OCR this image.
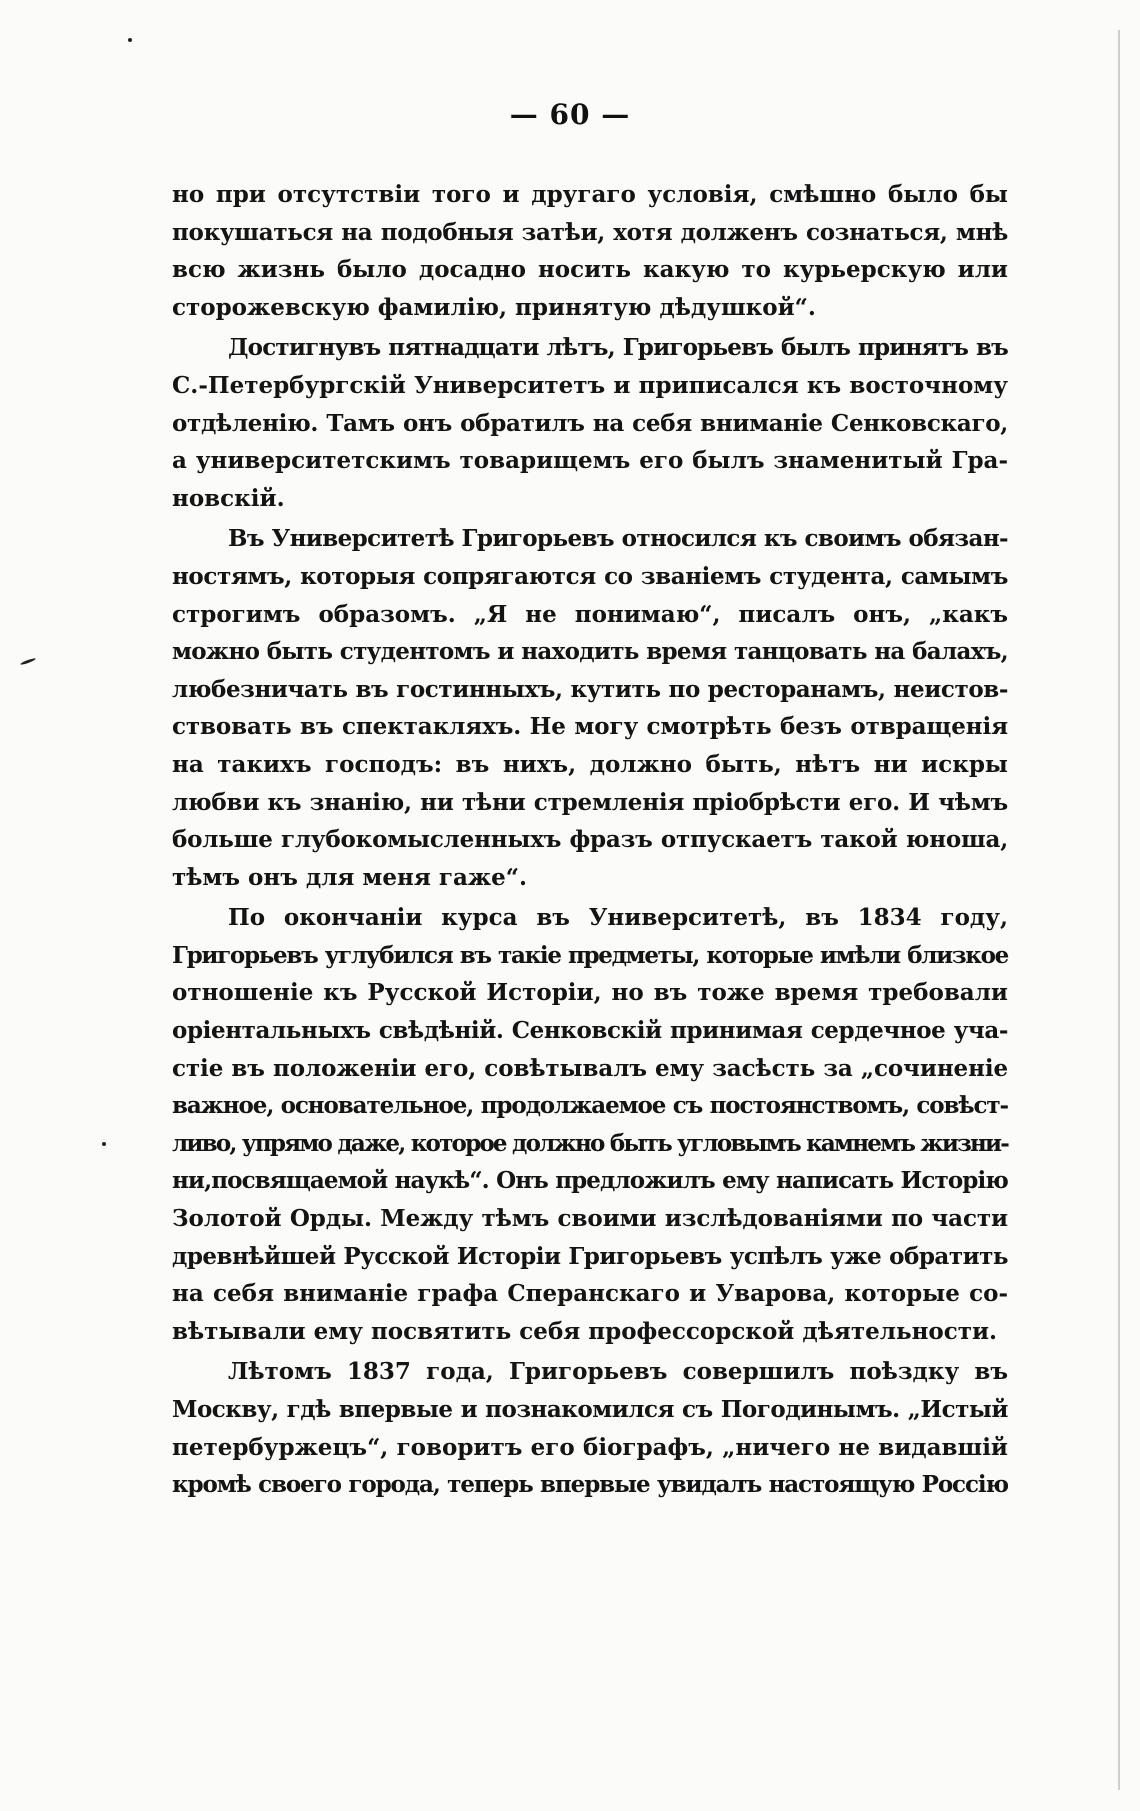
— 60 —
но при отсутствіи того и другаго условія, смѣшно было бы
покушаться на подобныя затѣи, хотя долженъ сознаться, мнѣ
всю жизнь было досадно носить какую то курьерскую или
сторожевскую фамилію, принятую дѣдушкой“.
Достигнувъ пятнадцати лѣтъ, Григорьевъ былъ принятъ въ
С.-Петербургскій Университетъ и приписался къ восточному
отдѣленію. Тамъ онъ обратилъ на себя вниманіе Сенковскаго,
а университетскимъ товарищемъ его былъ знаменитый Гра-
новскій.
Въ Университетѣ Григорьевъ относился къ своимъ обязан-
ностямъ, которыя сопрягаются со званіемъ студента, самымъ
строгимъ образомъ. „Я не понимаю“, писалъ онъ, „какъ
можно быть студентомъ и находить время танцовать на балахъ,
любезничать въ гостинныхъ, кутить по ресторанамъ, неистов-
ствовать въ спектакляхъ. Не могу смотрѣть безъ отвращенія
на такихъ господъ: въ нихъ, должно быть, нѣтъ ни искры
любви къ знанію, ни тѣни стремленія пріобрѣсти его. И чѣмъ
больше глубокомысленныхъ фразъ отпускаетъ такой юноша,
тѣмъ онъ для меня гаже“.
По окончаніи курса въ Университетѣ, въ 1834 году,
Григорьевъ углубился въ такіе предметы, которые имѣли близкое
отношеніе къ Русской Исторіи, но въ тоже время требовали
оріентальныхъ свѣдѣній. Сенковскій принимая сердечное уча-
стіе въ положеніи его, совѣтывалъ ему засѣсть за „сочиненіе
важное, основательное, продолжаемое съ постоянствомъ, совѣст-
ливо, упрямо даже, которое должно быть угловымъ камнемъ жизни-
ни,посвящаемой наукѣ“. Онъ предложилъ ему написать Исторію
Золотой Орды. Между тѣмъ своими изслѣдованіями по части
древнѣйшей Русской Исторіи Григорьевъ успѣлъ уже обратить
на себя вниманіе графа Сперанскаго и Уварова, которые со-
вѣтывали ему посвятить себя профессорской дѣятельности.
Лѣтомъ 1837 года, Григорьевъ совершилъ поѣздку въ
Москву, гдѣ впервые и познакомился съ Погодинымъ. „Истый
петербуржецъ“, говоритъ его біографъ, „ничего не видавшій
кромѣ своего города, теперь впервые увидалъ настоящую Россію
